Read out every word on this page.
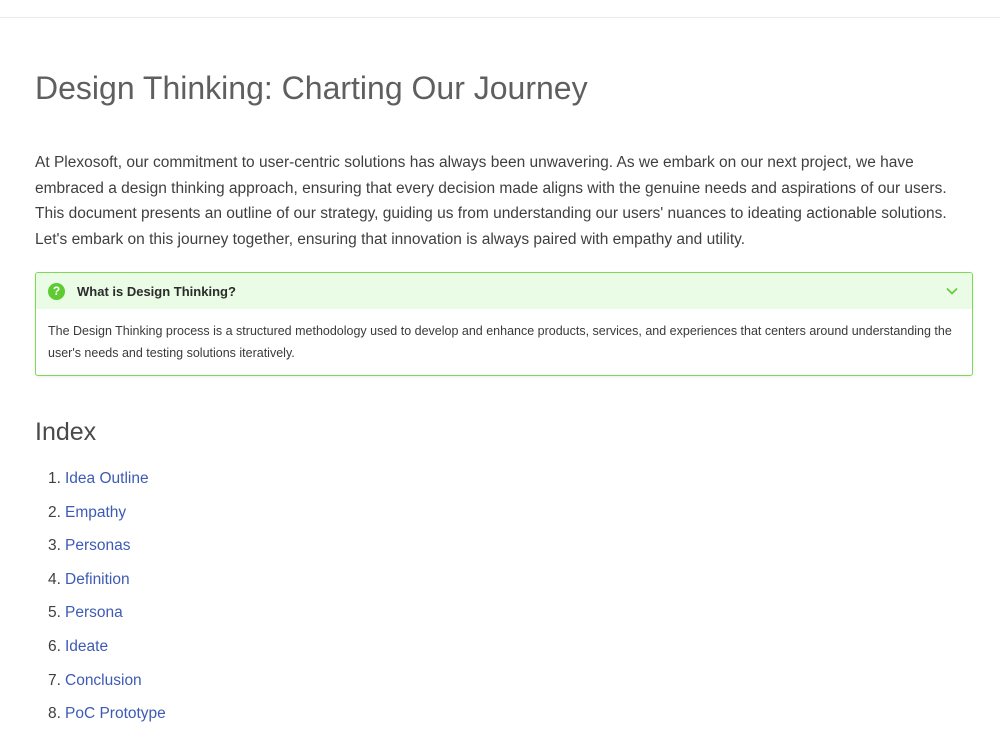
Design Thinking: Charting Our Journey

At Plexosoft, our commitment to user-centric solutions has always been unwavering. As we embark on our next project, we have embraced a design thinking approach, ensuring that every decision made aligns with the genuine needs and aspirations of our users. This document presents an outline of our strategy, guiding us from understanding our users' nuances to ideating actionable solutions. Let's embark on this journey together, ensuring that innovation is always paired with empathy and utility.

?	What is Design Thinking?
The Design Thinking process is a structured methodology used to develop and enhance products, services, and experiences that centers around understanding the user's needs and testing solutions iteratively.
Index
1. Idea Outline
2. Empathy
3. Personas
4. Definition
5. Persona
6. Ideate
7. Conclusion
8. PoC Prototype
